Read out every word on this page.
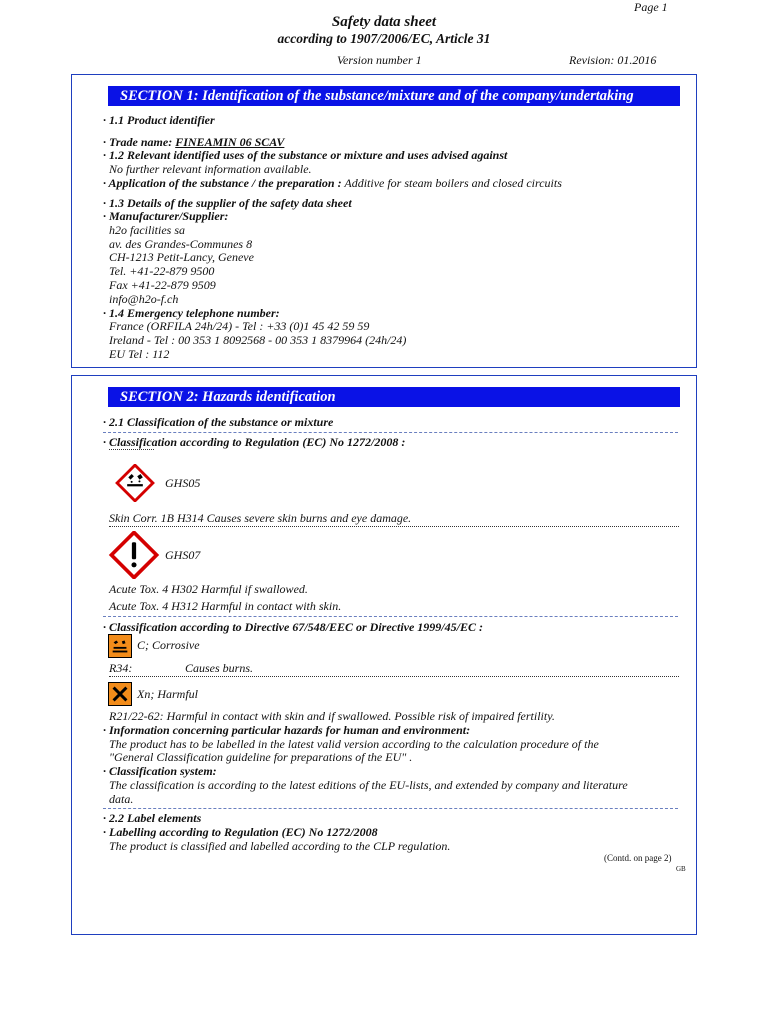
Page 1
Safety data sheet
according to 1907/2006/EC, Article 31
Version number 1	Revision: 01.2016
SECTION 1: Identification of the substance/mixture and of the company/undertaking
· 1.1 Product identifier
· Trade name: FINEAMIN 06 SCAV
· 1.2 Relevant identified uses of the substance or mixture and uses advised against
No further relevant information available.
· Application of the substance / the preparation : Additive for steam boilers and closed circuits
· 1.3 Details of the supplier of the safety data sheet
· Manufacturer/Supplier:
h2o facilities sa
av. des Grandes-Communes 8
CH-1213 Petit-Lancy, Geneve
Tel. +41-22-879 9500
Fax +41-22-879 9509
info@h2o-f.ch
· 1.4 Emergency telephone number:
France (ORFILA 24h/24) - Tel : +33 (0)1 45 42 59 59
Ireland - Tel : 00 353 1 8092568 - 00 353 1 8379964 (24h/24)
EU Tel : 112
SECTION 2: Hazards identification
· 2.1 Classification of the substance or mixture
· Classification according to Regulation (EC) No 1272/2008 :
GHS05
Skin Corr. 1B H314 Causes severe skin burns and eye damage.
GHS07
Acute Tox. 4 H302 Harmful if swallowed.
Acute Tox. 4 H312 Harmful in contact with skin.
· Classification according to Directive 67/548/EEC or Directive 1999/45/EC :
C; Corrosive
R34:	Causes burns.
Xn; Harmful
R21/22-62: Harmful in contact with skin and if swallowed. Possible risk of impaired fertility.
· Information concerning particular hazards for human and environment:
The product has to be labelled in the latest valid version according to the calculation procedure of the
"General Classification guideline for preparations of the EU" .
· Classification system:
The classification is according to the latest editions of the EU-lists, and extended by company and literature
data.
· 2.2 Label elements
· Labelling according to Regulation (EC) No 1272/2008
The product is classified and labelled according to the CLP regulation.
(Contd. on page 2)
GB
